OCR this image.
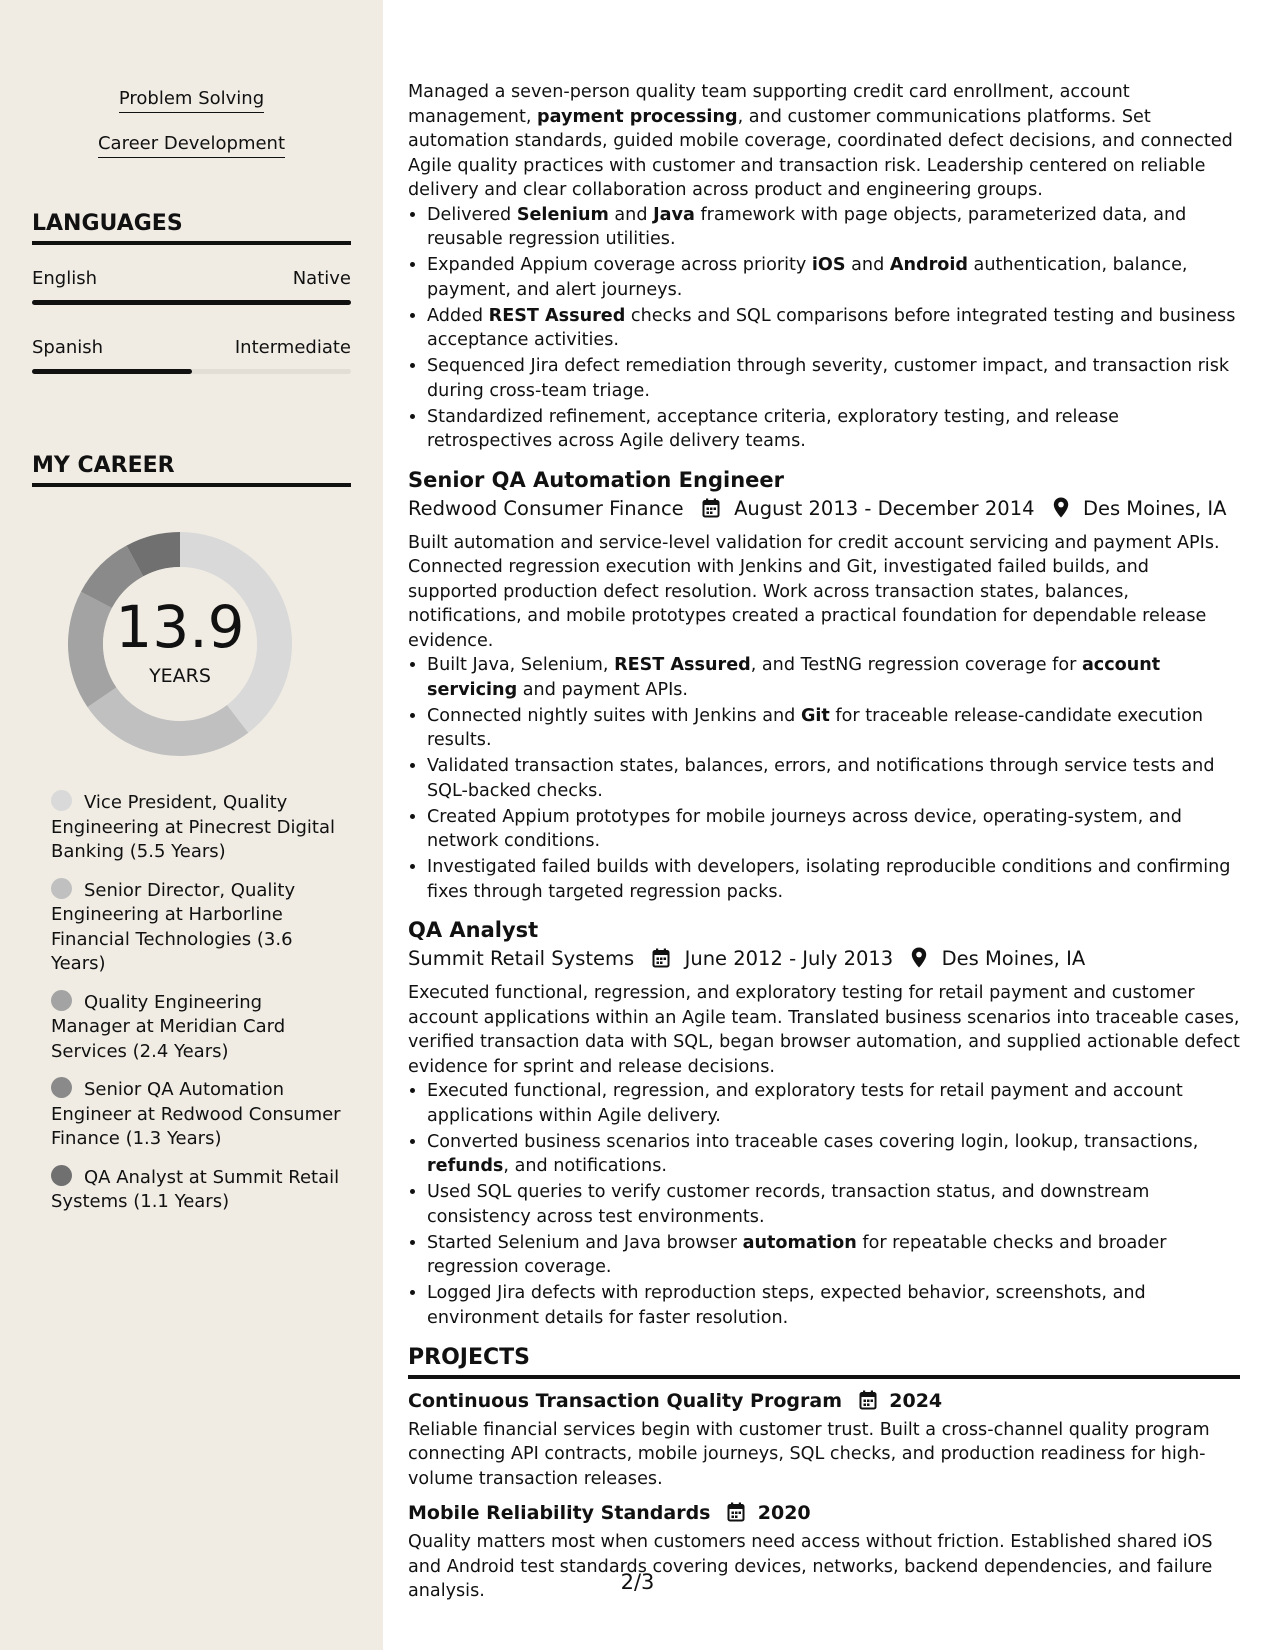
Problem Solving
Career Development
LANGUAGES
English	Native
Spanish	Intermediate
MY CAREER
13.9
YEARS
Vice President, Quality Engineering at Pinecrest Digital Banking (5.5 Years)
Senior Director, Quality Engineering at Harborline Financial Technologies (3.6 Years)
Quality Engineering Manager at Meridian Card Services (2.4 Years)
Senior QA Automation Engineer at Redwood Consumer Finance (1.3 Years)
QA Analyst at Summit Retail Systems (1.1 Years)

Managed a seven-person quality team supporting credit card enrollment, account management, payment processing, and customer communications platforms. Set automation standards, guided mobile coverage, coordinated defect decisions, and connected Agile quality practices with customer and transaction risk. Leadership centered on reliable delivery and clear collaboration across product and engineering groups.

• Delivered Selenium and Java framework with page objects, parameterized data, and reusable regression utilities.
• Expanded Appium coverage across priority iOS and Android authentication, balance, payment, and alert journeys.
• Added REST Assured checks and SQL comparisons before integrated testing and business acceptance activities.
• Sequenced Jira defect remediation through severity, customer impact, and transaction risk during cross-team triage.
• Standardized refinement, acceptance criteria, exploratory testing, and release retrospectives across Agile delivery teams.
Senior QA Automation Engineer
Redwood Consumer Finance	August 2013 - December 2014 Des Moines, IA

Built automation and service-level validation for credit account servicing and payment APIs. Connected regression execution with Jenkins and Git, investigated failed builds, and supported production defect resolution. Work across transaction states, balances, notifications, and mobile prototypes created a practical foundation for dependable release evidence.

• Built Java, Selenium, REST Assured, and TestNG regression coverage for account servicing and payment APIs.
• Connected nightly suites with Jenkins and Git for traceable release-candidate execution results.
• Validated transaction states, balances, errors, and notifications through service tests and SQL-backed checks.
• Created Appium prototypes for mobile journeys across device, operating-system, and network conditions.
• Investigated failed builds with developers, isolating reproducible conditions and confirming fixes through targeted regression packs.
QA Analyst
Summit Retail Systems	June 2012 - July 2013 Des Moines, IA

Executed functional, regression, and exploratory testing for retail payment and customer account applications within an Agile team. Translated business scenarios into traceable cases, verified transaction data with SQL, began browser automation, and supplied actionable defect evidence for sprint and release decisions.

• Executed functional, regression, and exploratory tests for retail payment and account applications within Agile delivery.
• Converted business scenarios into traceable cases covering login, lookup, transactions, refunds, and notifications.
• Used SQL queries to verify customer records, transaction status, and downstream consistency across test environments.
• Started Selenium and Java browser automation for repeatable checks and broader regression coverage.
• Logged Jira defects with reproduction steps, expected behavior, screenshots, and environment details for faster resolution.
PROJECTS
Continuous Transaction Quality Program 2024

Reliable financial services begin with customer trust. Built a cross-channel quality program connecting API contracts, mobile journeys, SQL checks, and production readiness for high-volume transaction releases.

Mobile Reliability Standards 2020

Quality matters most when customers need access without friction. Established shared iOS and Android test standards covering devices, networks, backend dependencies, and failure analysis.	2/3
